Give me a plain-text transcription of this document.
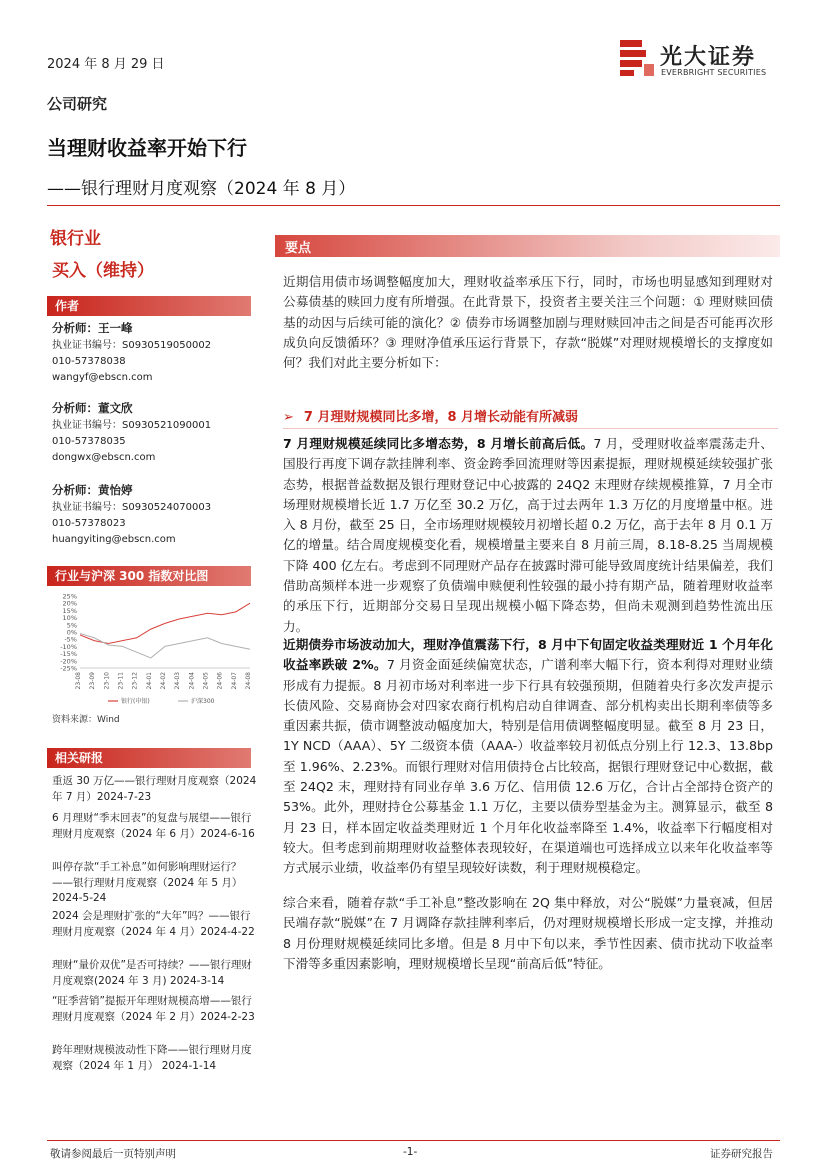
2024 年 8 月 29 日	光大证券
EVERBRIGHT SECURITIES
公司研究
当理财收益率开始下行
——银行理财月度观察（2024 年 8 月）
银行业
买入（维持）
作者
分析师：王一峰
执业证书编号：S0930519050002
010-57378038
wangyf@ebscn.com
分析师：董文欣
执业证书编号：S0930521090001
010-57378035
dongwx@ebscn.com
分析师：黄怡婷
执业证书编号：S0930524070003
010-57378023
huangyiting@ebscn.com
行业与沪深 300 指数对比图
25%
20%
15%
10%
5%
0%
-5%
-10%
-15%
-20%
-25%
23-08 23-09 23-10 23-11 23-12 24-01 24-02 24-03 24-04 24-05 24-06 24-07 24-08
银行(申银)	沪深300
资料来源：Wind
相关研报
重返 30 万亿——银行理财月度观察（2024 年 7 月）2024-7-23
6 月理财“季末回表”的复盘与展望——银行理财月度观察（2024 年 6 月）2024-6-16
叫停存款“手工补息”如何影响理财运行？——银行理财月度观察（2024 年 5 月） 2024-5-24
2024 会是理财扩张的“大年”吗？——银行理财月度观察（2024 年 4 月）2024-4-22
理财“量价双优”是否可持续？——银行理财月度观察(2024 年 3 月) 2024-3-14
“旺季营销”提振开年理财规模高增——银行理财月度观察（2024 年 2 月）2024-2-23
跨年理财规模波动性下降——银行理财月度观察（2024 年 1 月） 2024-1-14
要点
近期信用债市场调整幅度加大，理财收益率承压下行，同时，市场也明显感知到理财对公募债基的赎回力度有所增强。在此背景下，投资者主要关注三个问题：① 理财赎回债基的动因与后续可能的演化？② 债券市场调整加剧与理财赎回冲击之间是否可能再次形成负向反馈循环？③ 理财净值承压运行背景下，存款“脱媒”对理财规模增长的支撑度如何？我们对此主要分析如下：
➢ 7 月理财规模同比多增，8 月增长动能有所减弱
7 月理财规模延续同比多增态势，8 月增长前高后低。7 月，受理财收益率震荡走升、国股行再度下调存款挂牌利率、资金跨季回流理财等因素提振，理财规模延续较强扩张态势，根据普益数据及银行理财登记中心披露的 24Q2 末理财存续规模推算，7 月全市场理财规模增长近 1.7 万亿至 30.2 万亿，高于过去两年 1.3 万亿的月度增量中枢。进入 8 月份，截至 25 日，全市场理财规模较月初增长超 0.2 万亿，高于去年 8 月 0.1 万亿的增量。结合周度规模变化看，规模增量主要来自 8 月前三周，8.18-8.25 当周规模下降 400 亿左右。考虑到不同理财产品存在披露时滞可能导致周度统计结果偏差，我们借助高频样本进一步观察了负债端申赎便利性较强的最小持有期产品，随着理财收益率的承压下行，近期部分交易日呈现出规模小幅下降态势，但尚未观测到趋势性流出压力。
近期债券市场波动加大，理财净值震荡下行，8 月中下旬固定收益类理财近 1 个月年化收益率跌破 2%。7 月资金面延续偏宽状态，广谱利率大幅下行，资本利得对理财业绩形成有力提振。8 月初市场对利率进一步下行具有较强预期，但随着央行多次发声提示长债风险、交易商协会对四家农商行机构启动自律调查、部分机构卖出长期利率债等多重因素共振，债市调整波动幅度加大，特别是信用债调整幅度明显。截至 8 月 23 日，1Y NCD（AAA）、5Y 二级资本债（AAA-）收益率较月初低点分别上行 12.3、13.8bp 至 1.96%、2.23%。而银行理财对信用债持仓占比较高，据银行理财登记中心数据，截至 24Q2 末，理财持有同业存单 3.6 万亿、信用债 12.6 万亿，合计占全部持仓资产的 53%。此外，理财持仓公募基金 1.1 万亿，主要以债券型基金为主。测算显示，截至 8 月 23 日，样本固定收益类理财近 1 个月年化收益率降至 1.4%，收益率下行幅度相对较大。但考虑到前期理财收益整体表现较好，在渠道端也可选择成立以来年化收益率等方式展示业绩，收益率仍有望呈现较好读数，利于理财规模稳定。
综合来看，随着存款“手工补息”整改影响在 2Q 集中释放，对公“脱媒”力量衰减，但居民端存款“脱媒”在 7 月调降存款挂牌利率后，仍对理财规模增长形成一定支撑，并推动 8 月份理财规模延续同比多增。但是 8 月中下旬以来，季节性因素、债市扰动下收益率下滑等多重因素影响，理财规模增长呈现“前高后低”特征。
敬请参阅最后一页特别声明	-1-	证券研究报告
